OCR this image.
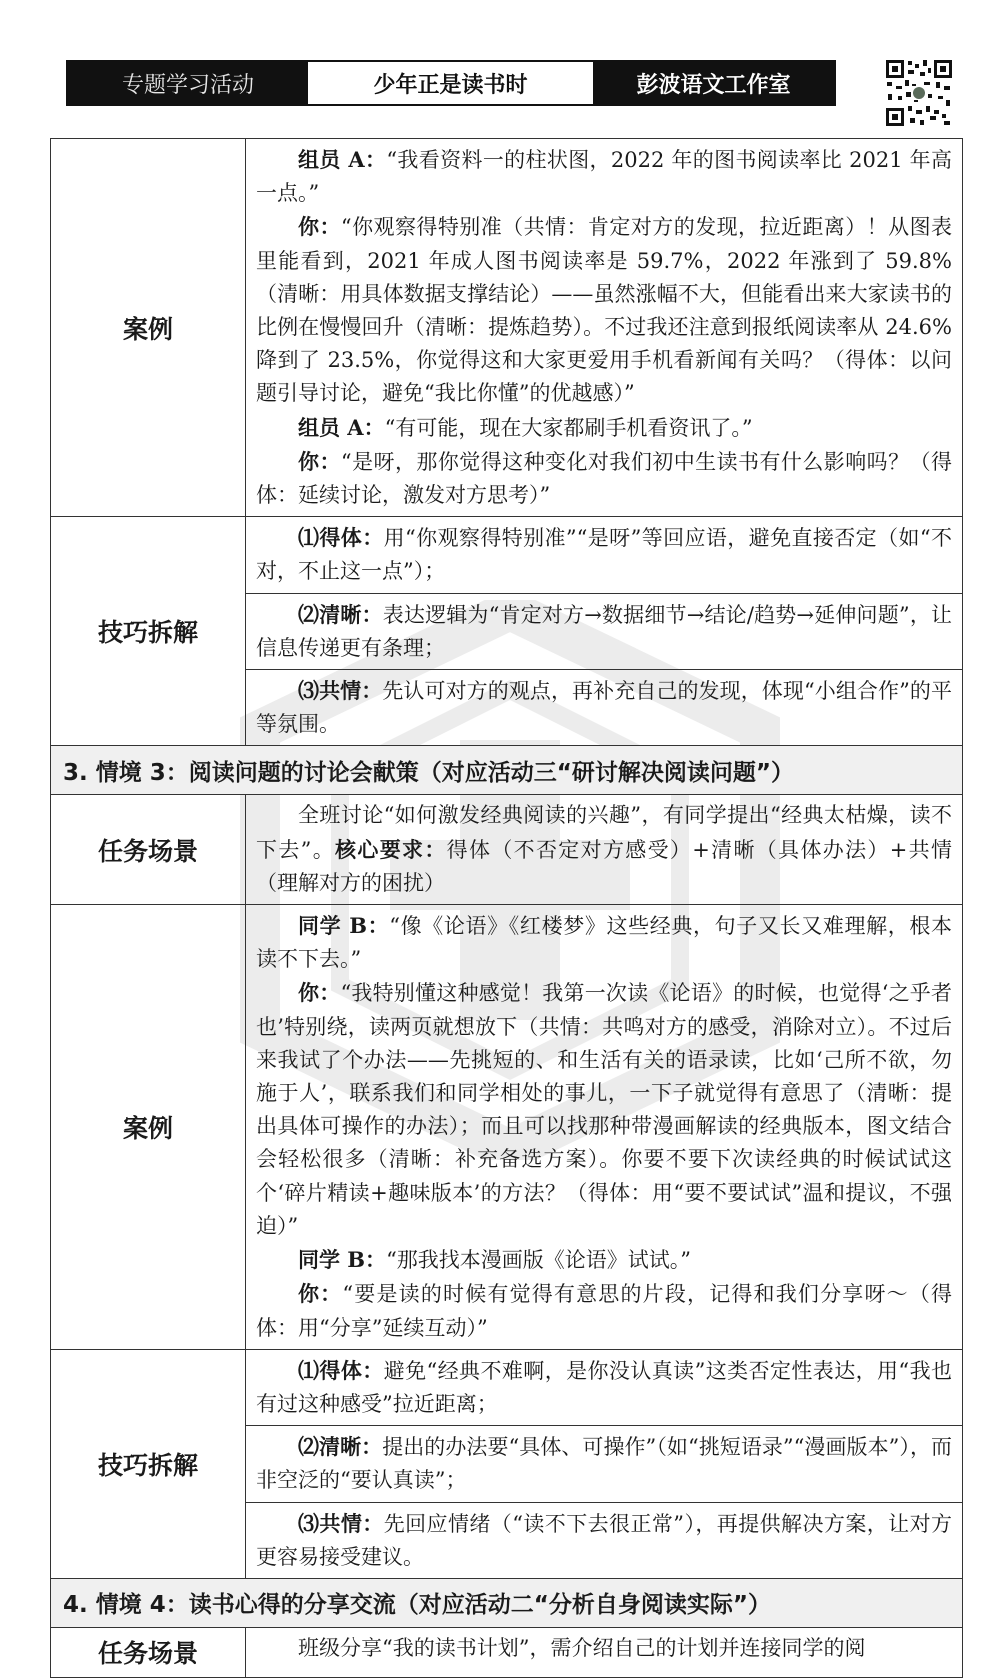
专题学习活动	少年正是读书时	彭波语文工作室
案例	组员 A：“我看资料一的柱状图，2022 年的图书阅读率比 2021 年高一点。”

你：“你观察得特别准（共情：肯定对方的发现，拉近距离）！从图表里能看到，2021 年成人图书阅读率是 59.7%，2022 年涨到了 59.8%（清晰：用具体数据支撑结论）——虽然涨幅不大，但能看出来大家读书的比例在慢慢回升（清晰：提炼趋势）。不过我还注意到报纸阅读率从 24.6%降到了 23.5%，你觉得这和大家更爱用手机看新闻有关吗？（得体：以问题引导讨论，避免“我比你懂”的优越感）”

组员 A：“有可能，现在大家都刷手机看资讯了。”

你：“是呀，那你觉得这种变化对我们初中生读书有什么影响吗？（得体：延续讨论，激发对方思考）”

技巧拆解	⑴得体：用“你观察得特别准”“是呀”等回应语，避免直接否定（如“不对，不止这一点”）；

	⑵清晰：表达逻辑为“肯定对方→数据细节→结论/趋势→延伸问题”，让信息传递更有条理；

	⑶共情：先认可对方的观点，再补充自己的发现，体现“小组合作”的平等氛围。

3. 情境 3：阅读问题的讨论会献策（对应活动三“研讨解决阅读问题”）	
任务场景	全班讨论“如何激发经典阅读的兴趣”，有同学提出“经典太枯燥，读不下去”。核心要求：得体（不否定对方感受）+清晰（具体办法）+共情（理解对方的困扰）

案例	同学 B：“像《论语》《红楼梦》这些经典，句子又长又难理解，根本读不下去。”

你：“我特别懂这种感觉！我第一次读《论语》的时候，也觉得‘之乎者也’特别绕，读两页就想放下（共情：共鸣对方的感受，消除对立）。不过后来我试了个办法——先挑短的、和生活有关的语录读，比如‘己所不欲，勿施于人’，联系我们和同学相处的事儿，一下子就觉得有意思了（清晰：提出具体可操作的办法）；而且可以找那种带漫画解读的经典版本，图文结合会轻松很多（清晰：补充备选方案）。你要不要下次读经典的时候试试这个‘碎片精读+趣味版本’的方法？（得体：用“要不要试试”温和提议，不强迫）”

同学 B：“那我找本漫画版《论语》试试。”

你：“要是读的时候有觉得有意思的片段，记得和我们分享呀～（得体：用“分享”延续互动）”

技巧拆解	⑴得体：避免“经典不难啊，是你没认真读”这类否定性表达，用“我也有过这种感受”拉近距离；

	⑵清晰：提出的办法要“具体、可操作”（如“挑短语录”“漫画版本”），而非空泛的“要认真读”；

	⑶共情：先回应情绪（“读不下去很正常”），再提供解决方案，让对方更容易接受建议。

4. 情境 4：读书心得的分享交流（对应活动二“分析自身阅读实际”）	
任务场景	班级分享“我的读书计划”，需介绍自己的计划并连接同学的阅
